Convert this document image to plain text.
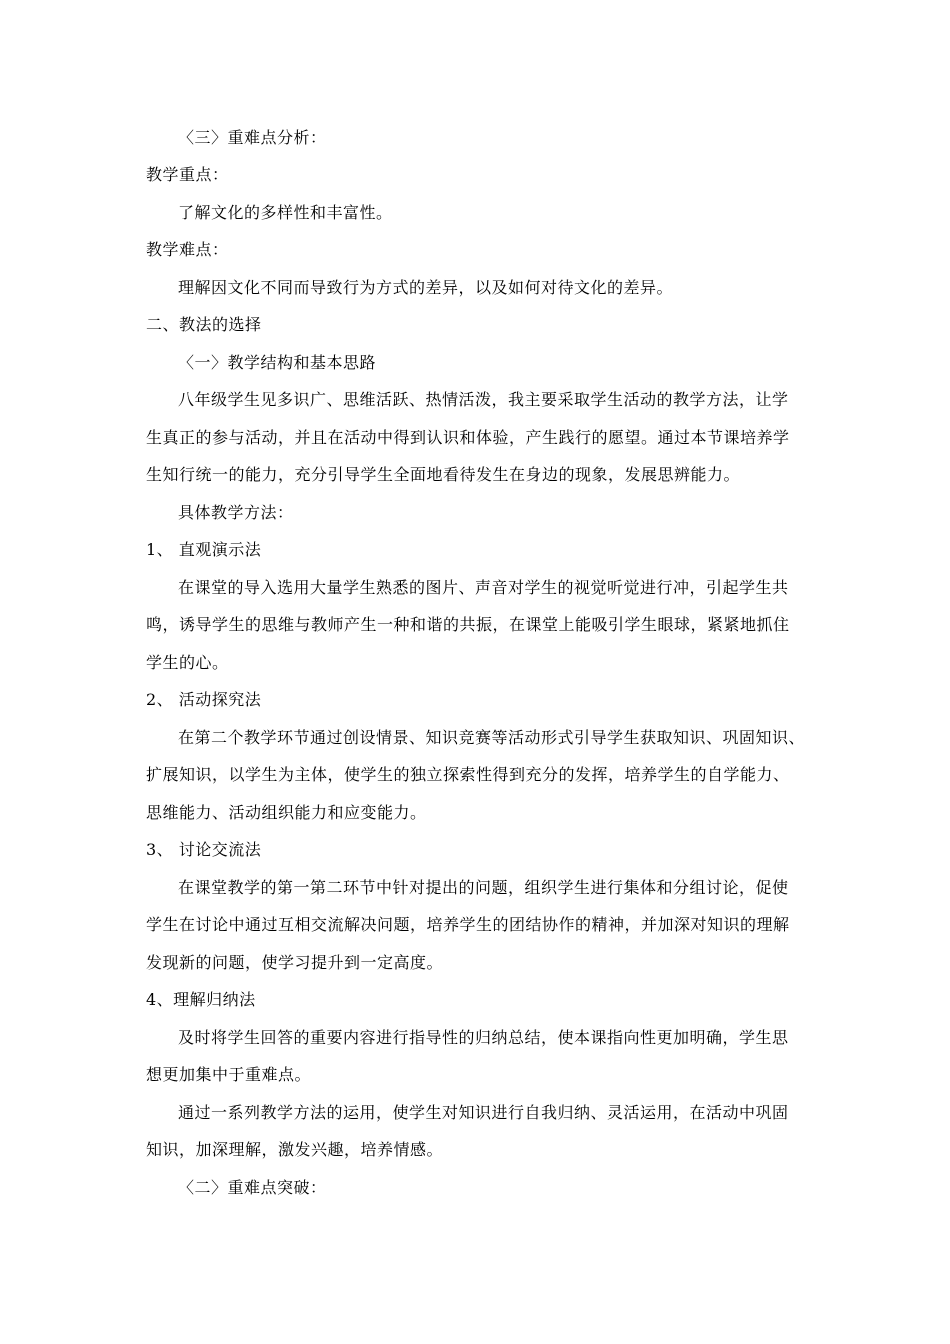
〈三〉重难点分析：
教学重点：
了解文化的多样性和丰富性。
教学难点：
理解因文化不同而导致行为方式的差异，以及如何对待文化的差异。
二、教法的选择
〈一〉教学结构和基本思路
八年级学生见多识广、思维活跃、热情活泼，我主要采取学生活动的教学方法，让学
生真正的参与活动，并且在活动中得到认识和体验，产生践行的愿望。通过本节课培养学
生知行统一的能力，充分引导学生全面地看待发生在身边的现象，发展思辨能力。
具体教学方法：
1、 直观演示法
在课堂的导入选用大量学生熟悉的图片、声音对学生的视觉听觉进行冲，引起学生共
鸣，诱导学生的思维与教师产生一种和谐的共振，在课堂上能吸引学生眼球，紧紧地抓住
学生的心。
2、 活动探究法
在第二个教学环节通过创设情景、知识竞赛等活动形式引导学生获取知识、巩固知识、
扩展知识，以学生为主体，使学生的独立探索性得到充分的发挥，培养学生的自学能力、
思维能力、活动组织能力和应变能力。
3、 讨论交流法
在课堂教学的第一第二环节中针对提出的问题，组织学生进行集体和分组讨论，促使
学生在讨论中通过互相交流解决问题，培养学生的团结协作的精神，并加深对知识的理解
发现新的问题，使学习提升到一定高度。
4、理解归纳法
及时将学生回答的重要内容进行指导性的归纳总结，使本课指向性更加明确，学生思
想更加集中于重难点。
通过一系列教学方法的运用，使学生对知识进行自我归纳、灵活运用，在活动中巩固
知识，加深理解，激发兴趣，培养情感。
〈二〉重难点突破：
